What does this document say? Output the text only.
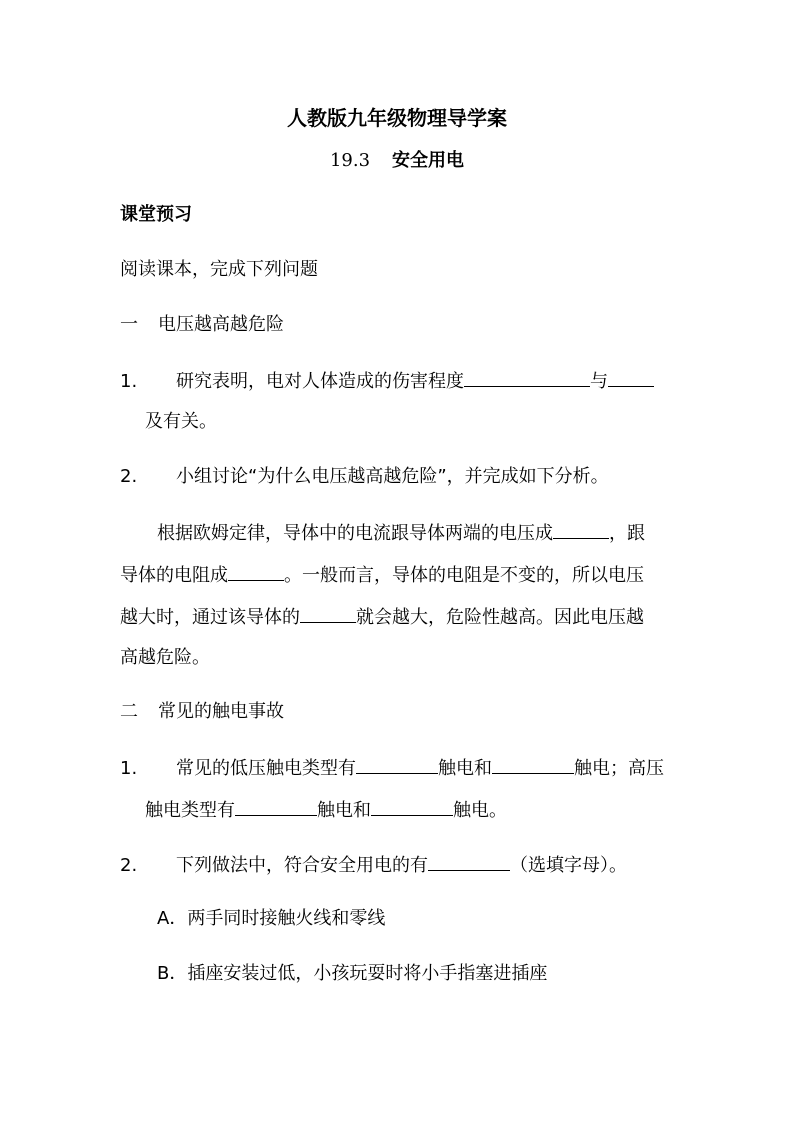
人教版九年级物理导学案
19.3 安全用电
课堂预习
阅读课本，完成下列问题
一 电压越高越危险
1. 研究表明，电对人体造成的伤害程度	与
及有关。
2. 小组讨论“为什么电压越高越危险”，并完成如下分析。
根据欧姆定律，导体中的电流跟导体两端的电压成	，跟
导体的电阻成	。一般而言，导体的电阻是不变的，所以电压
越大时，通过该导体的	就会越大，危险性越高。因此电压越
高越危险。
二 常见的触电事故
1. 常见的低压触电类型有	触电和	触电；高压
触电类型有	触电和	触电。
2. 下列做法中，符合安全用电的有	（选填字母）。
A．两手同时接触火线和零线
B．插座安装过低，小孩玩耍时将小手指塞进插座
